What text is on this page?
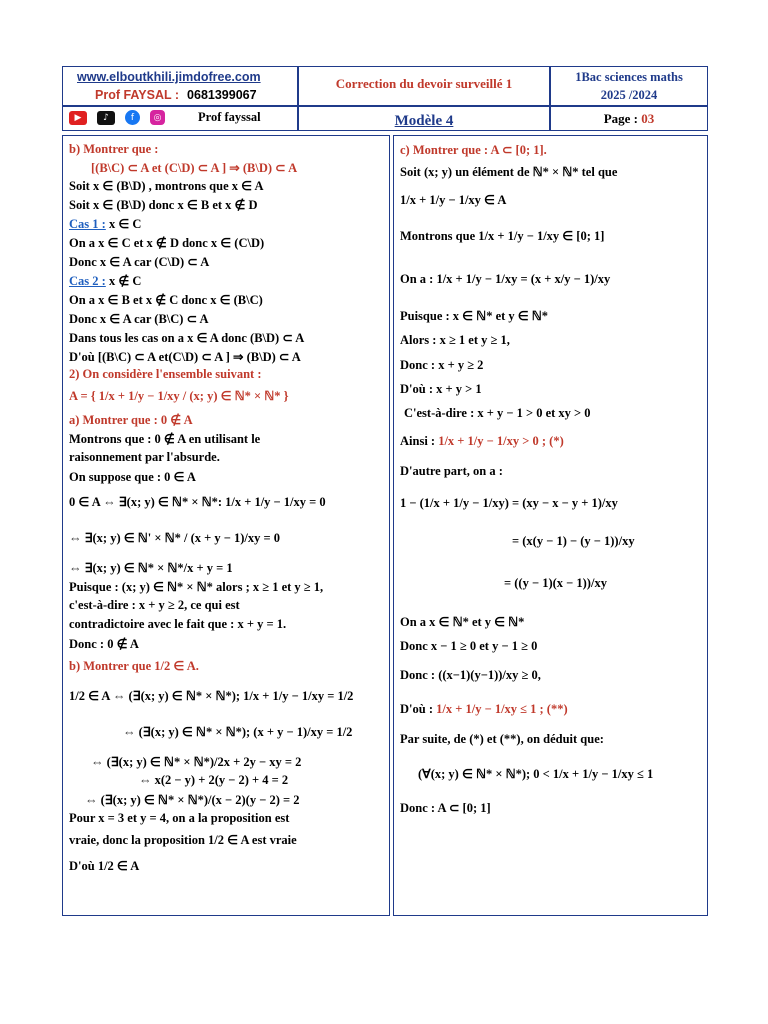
www.elboutkhili.jimdofree.com
Prof FAYSAL : 0681399067
▶	♪	f	◎	Prof fayssal
Correction du devoir surveillé 1
Modèle 4
1Bac sciences maths
2025 /2024
Page : 03
b) Montrer que :
[(B\C) ⊂ A et (C\D) ⊂ A ] ⇒ (B\D) ⊂ A
Soit x ∈ (B\D) , montrons que x ∈ A
Soit x ∈ (B\D) donc x ∈ B et x ∉ D
Cas 1 : x ∈ C
On a x ∈ C et x ∉ D donc x ∈ (C\D)
Donc x ∈ A car (C\D) ⊂ A
Cas 2 : x ∉ C
On a x ∈ B et x ∉ C donc x ∈ (B\C)
Donc x ∈ A car (B\C) ⊂ A
Dans tous les cas on a x ∈ A donc (B\D) ⊂ A
D'où [(B\C) ⊂ A et(C\D) ⊂ A ] ⇒ (B\D) ⊂ A
2) On considère l'ensemble suivant :
A = { 1/x + 1/y − 1/xy / (x; y) ∈ ℕ* × ℕ* }
a) Montrer que : 0 ∉ A
Montrons que : 0 ∉ A en utilisant le
raisonnement par l'absurde.
On suppose que : 0 ∈ A
0 ∈ A ⇔ ∃(x; y) ∈ ℕ* × ℕ*: 1/x + 1/y − 1/xy = 0
⇔ ∃(x; y) ∈ ℕ' × ℕ* / (x + y − 1)/xy = 0
⇔ ∃(x; y) ∈ ℕ* × ℕ*/x + y = 1
Puisque : (x; y) ∈ ℕ* × ℕ* alors ; x ≥ 1 et y ≥ 1,
c'est-à-dire : x + y ≥ 2, ce qui est
contradictoire avec le fait que : x + y = 1.
Donc : 0 ∉ A
b) Montrer que 1/2 ∈ A.
1/2 ∈ A ⇔ (∃(x; y) ∈ ℕ* × ℕ*); 1/x + 1/y − 1/xy = 1/2
⇔ (∃(x; y) ∈ ℕ* × ℕ*); (x + y − 1)/xy = 1/2
⇔ (∃(x; y) ∈ ℕ* × ℕ*)/2x + 2y − xy = 2
⇔ x(2 − y) + 2(y − 2) + 4 = 2
⇔ (∃(x; y) ∈ ℕ* × ℕ*)/(x − 2)(y − 2) = 2
Pour x = 3 et y = 4, on a la proposition est
vraie, donc la proposition 1/2 ∈ A est vraie
D'où 1/2 ∈ A
c) Montrer que : A ⊂ [0; 1].
Soit (x; y) un élément de ℕ* × ℕ* tel que
1/x + 1/y − 1/xy ∈ A
Montrons que 1/x + 1/y − 1/xy ∈ [0; 1]
On a : 1/x + 1/y − 1/xy = (x + x/y − 1)/xy
Puisque : x ∈ ℕ* et y ∈ ℕ*
Alors : x ≥ 1 et y ≥ 1,
Donc : x + y ≥ 2
D'où : x + y > 1
C'est-à-dire : x + y − 1 > 0 et xy > 0
Ainsi : 1/x + 1/y − 1/xy > 0 ; (*)
D'autre part, on a :
1 − (1/x + 1/y − 1/xy) = (xy − x − y + 1)/xy
= (x(y − 1) − (y − 1))/xy
= ((y − 1)(x − 1))/xy
On a x ∈ ℕ* et y ∈ ℕ*
Donc x − 1 ≥ 0 et y − 1 ≥ 0
Donc : ((x−1)(y−1))/xy ≥ 0,
D'où : 1/x + 1/y − 1/xy ≤ 1 ; (**)
Par suite, de (*) et (**), on déduit que:
(∀(x; y) ∈ ℕ* × ℕ*); 0 < 1/x + 1/y − 1/xy ≤ 1
Donc : A ⊂ [0; 1]
